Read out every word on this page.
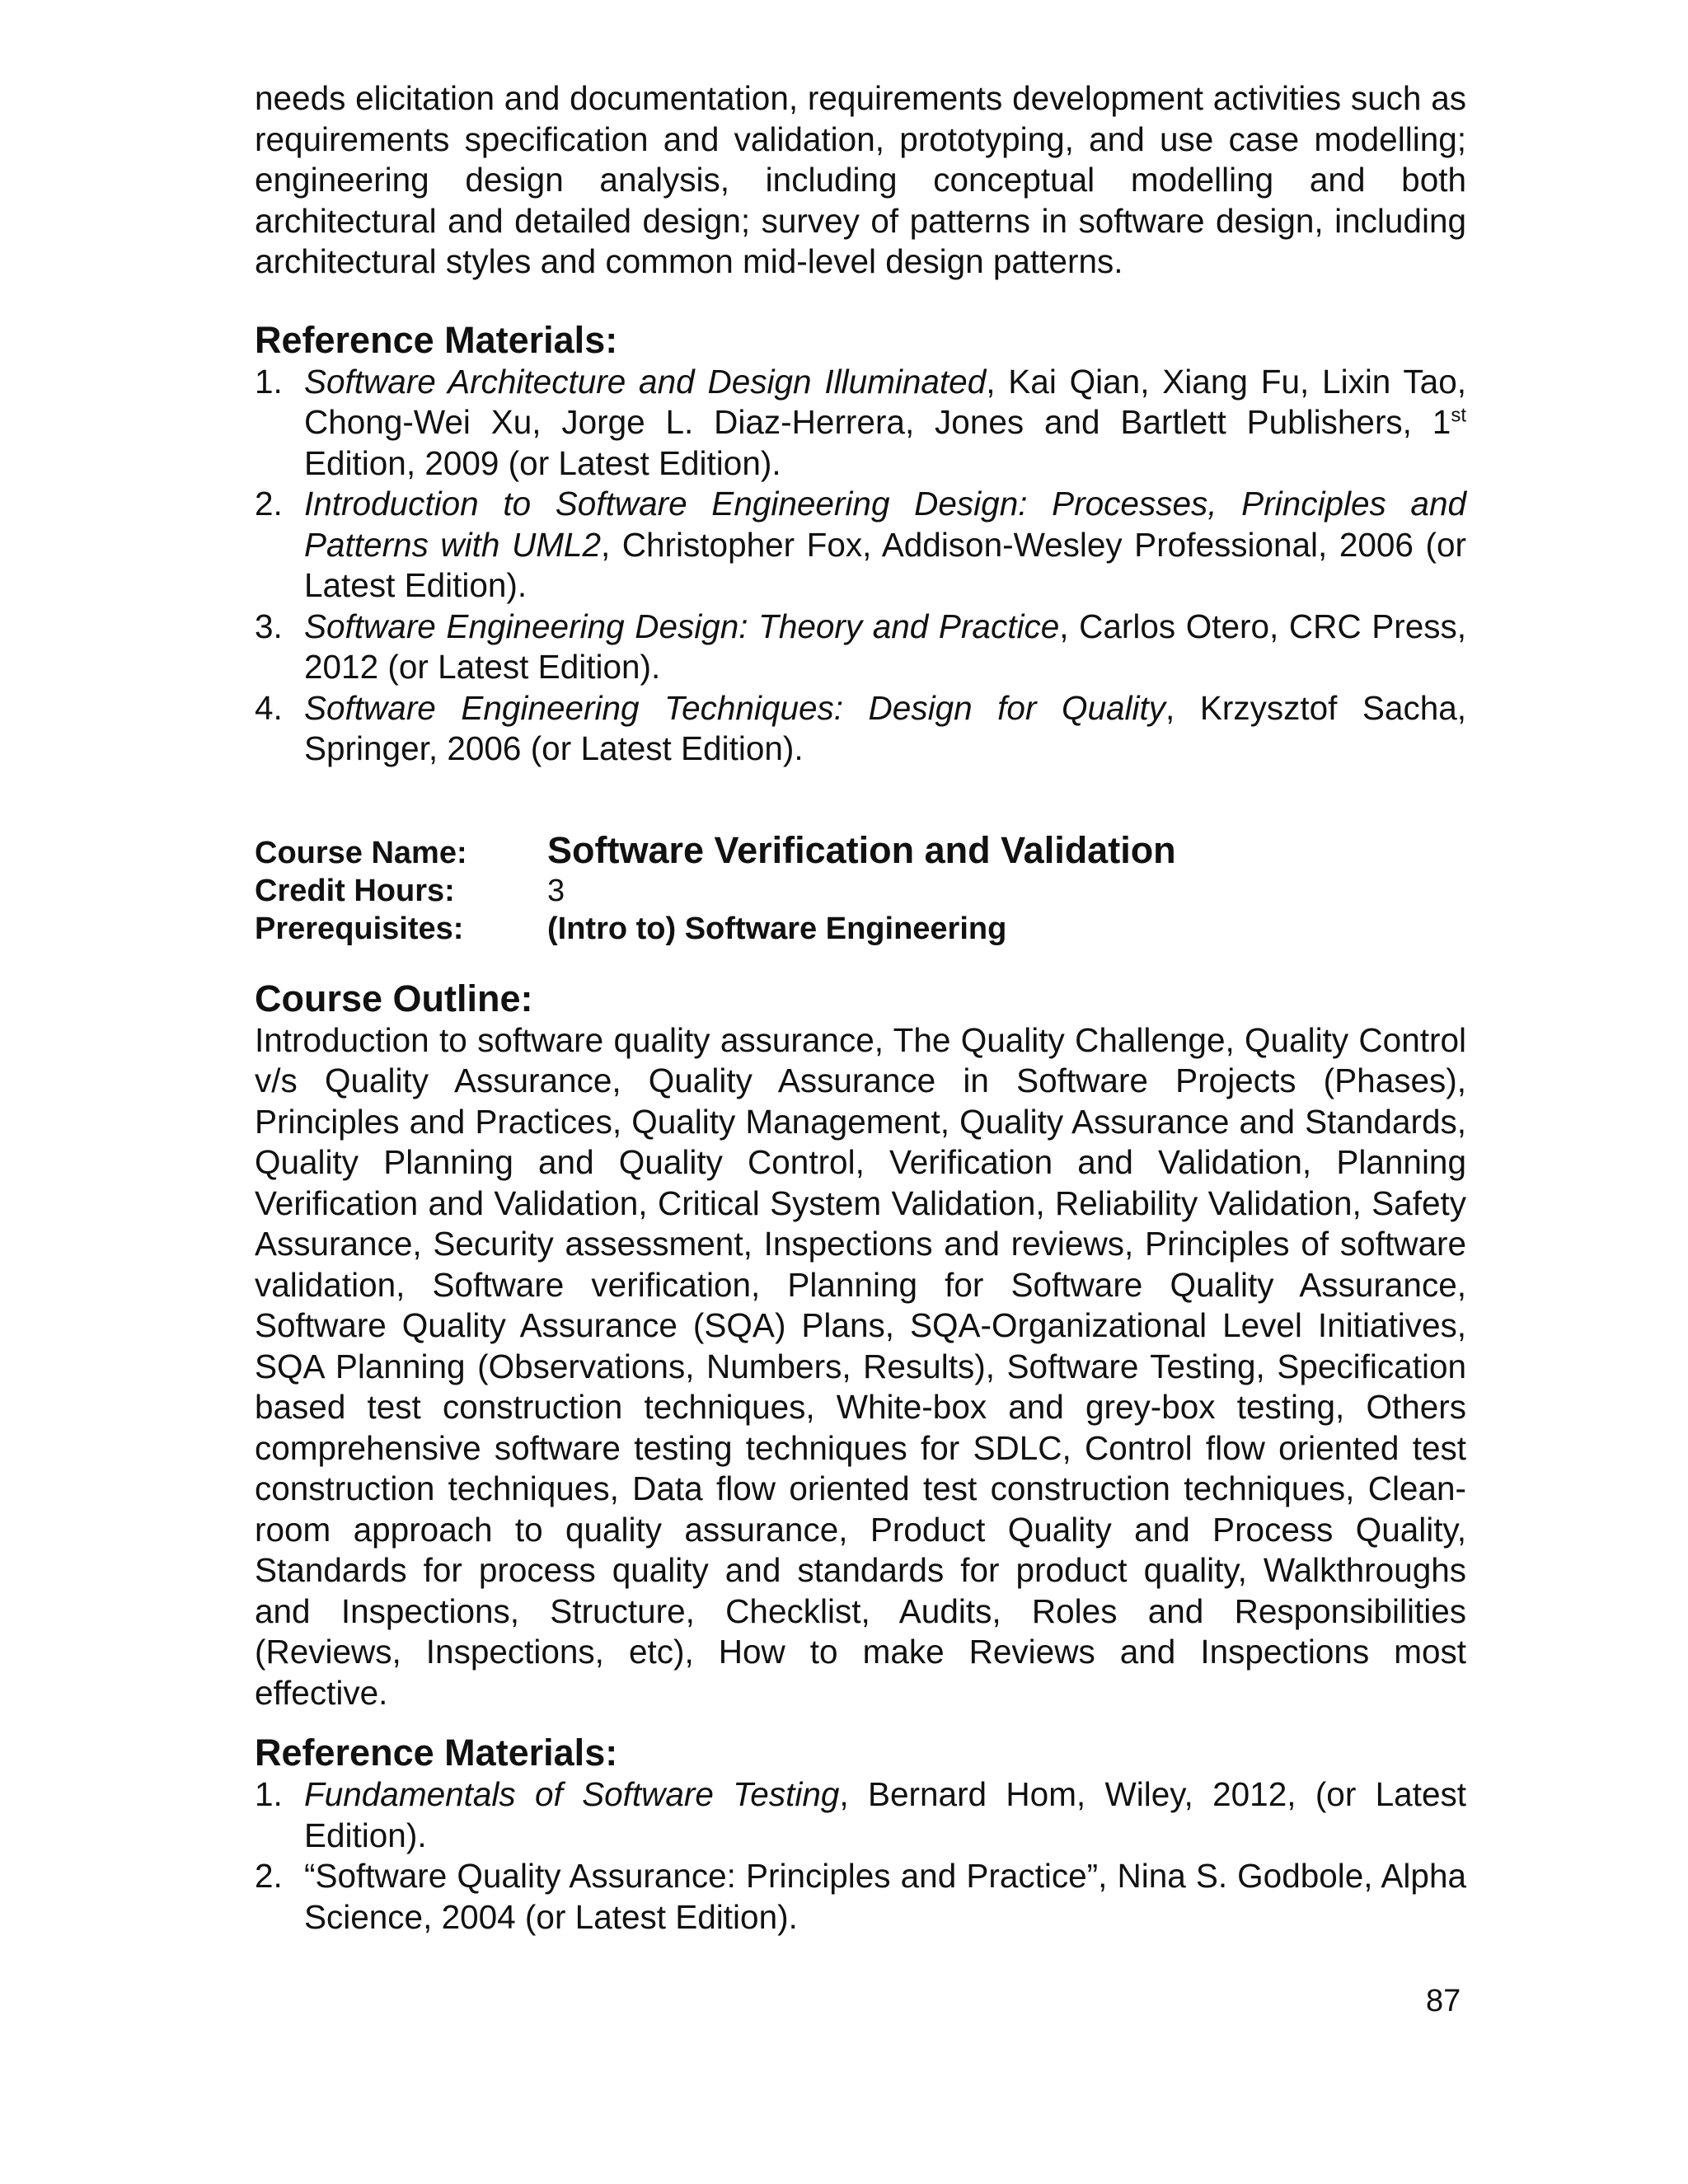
needs elicitation and documentation, requirements development activities such as requirements specification and validation, prototyping, and use case modelling; engineering design analysis, including conceptual modelling and both architectural and detailed design; survey of patterns in software design, including architectural styles and common mid-level design patterns.

Reference Materials:
1. Software Architecture and Design Illuminated, Kai Qian, Xiang Fu, Lixin Tao, Chong-Wei Xu, Jorge L. Diaz-Herrera, Jones and Bartlett Publishers, 1st Edition, 2009 (or Latest Edition).
2. Introduction to Software Engineering Design: Processes, Principles and Patterns with UML2, Christopher Fox, Addison-Wesley Professional, 2006 (or Latest Edition).
3. Software Engineering Design: Theory and Practice, Carlos Otero, CRC Press, 2012 (or Latest Edition).
4. Software Engineering Techniques: Design for Quality, Krzysztof Sacha, Springer, 2006 (or Latest Edition).
Course Name:	Software Verification and Validation
Credit Hours:	3
Prerequisites:	(Intro to) Software Engineering
Course Outline:

Introduction to software quality assurance, The Quality Challenge, Quality Control v/s Quality Assurance, Quality Assurance in Software Projects (Phases), Principles and Practices, Quality Management, Quality Assurance and Standards, Quality Planning and Quality Control, Verification and Validation, Planning Verification and Validation, Critical System Validation, Reliability Validation, Safety Assurance, Security assessment, Inspections and reviews, Principles of software validation, Software verification, Planning for Software Quality Assurance, Software Quality Assurance (SQA) Plans, SQA-Organizational Level Initiatives, SQA Planning (Observations, Numbers, Results), Software Testing, Specification based test construction techniques, White-box and grey-box testing, Others comprehensive software testing techniques for SDLC, Control flow oriented test construction techniques, Data flow oriented test construction techniques, Clean-room approach to quality assurance, Product Quality and Process Quality, Standards for process quality and standards for product quality, Walkthroughs and Inspections, Structure, Checklist, Audits, Roles and Responsibilities (Reviews, Inspections, etc), How to make Reviews and Inspections most effective.

Reference Materials:
1. Fundamentals of Software Testing, Bernard Hom, Wiley, 2012, (or Latest Edition).
2. “Software Quality Assurance: Principles and Practice”, Nina S. Godbole, Alpha Science, 2004 (or Latest Edition).
87
